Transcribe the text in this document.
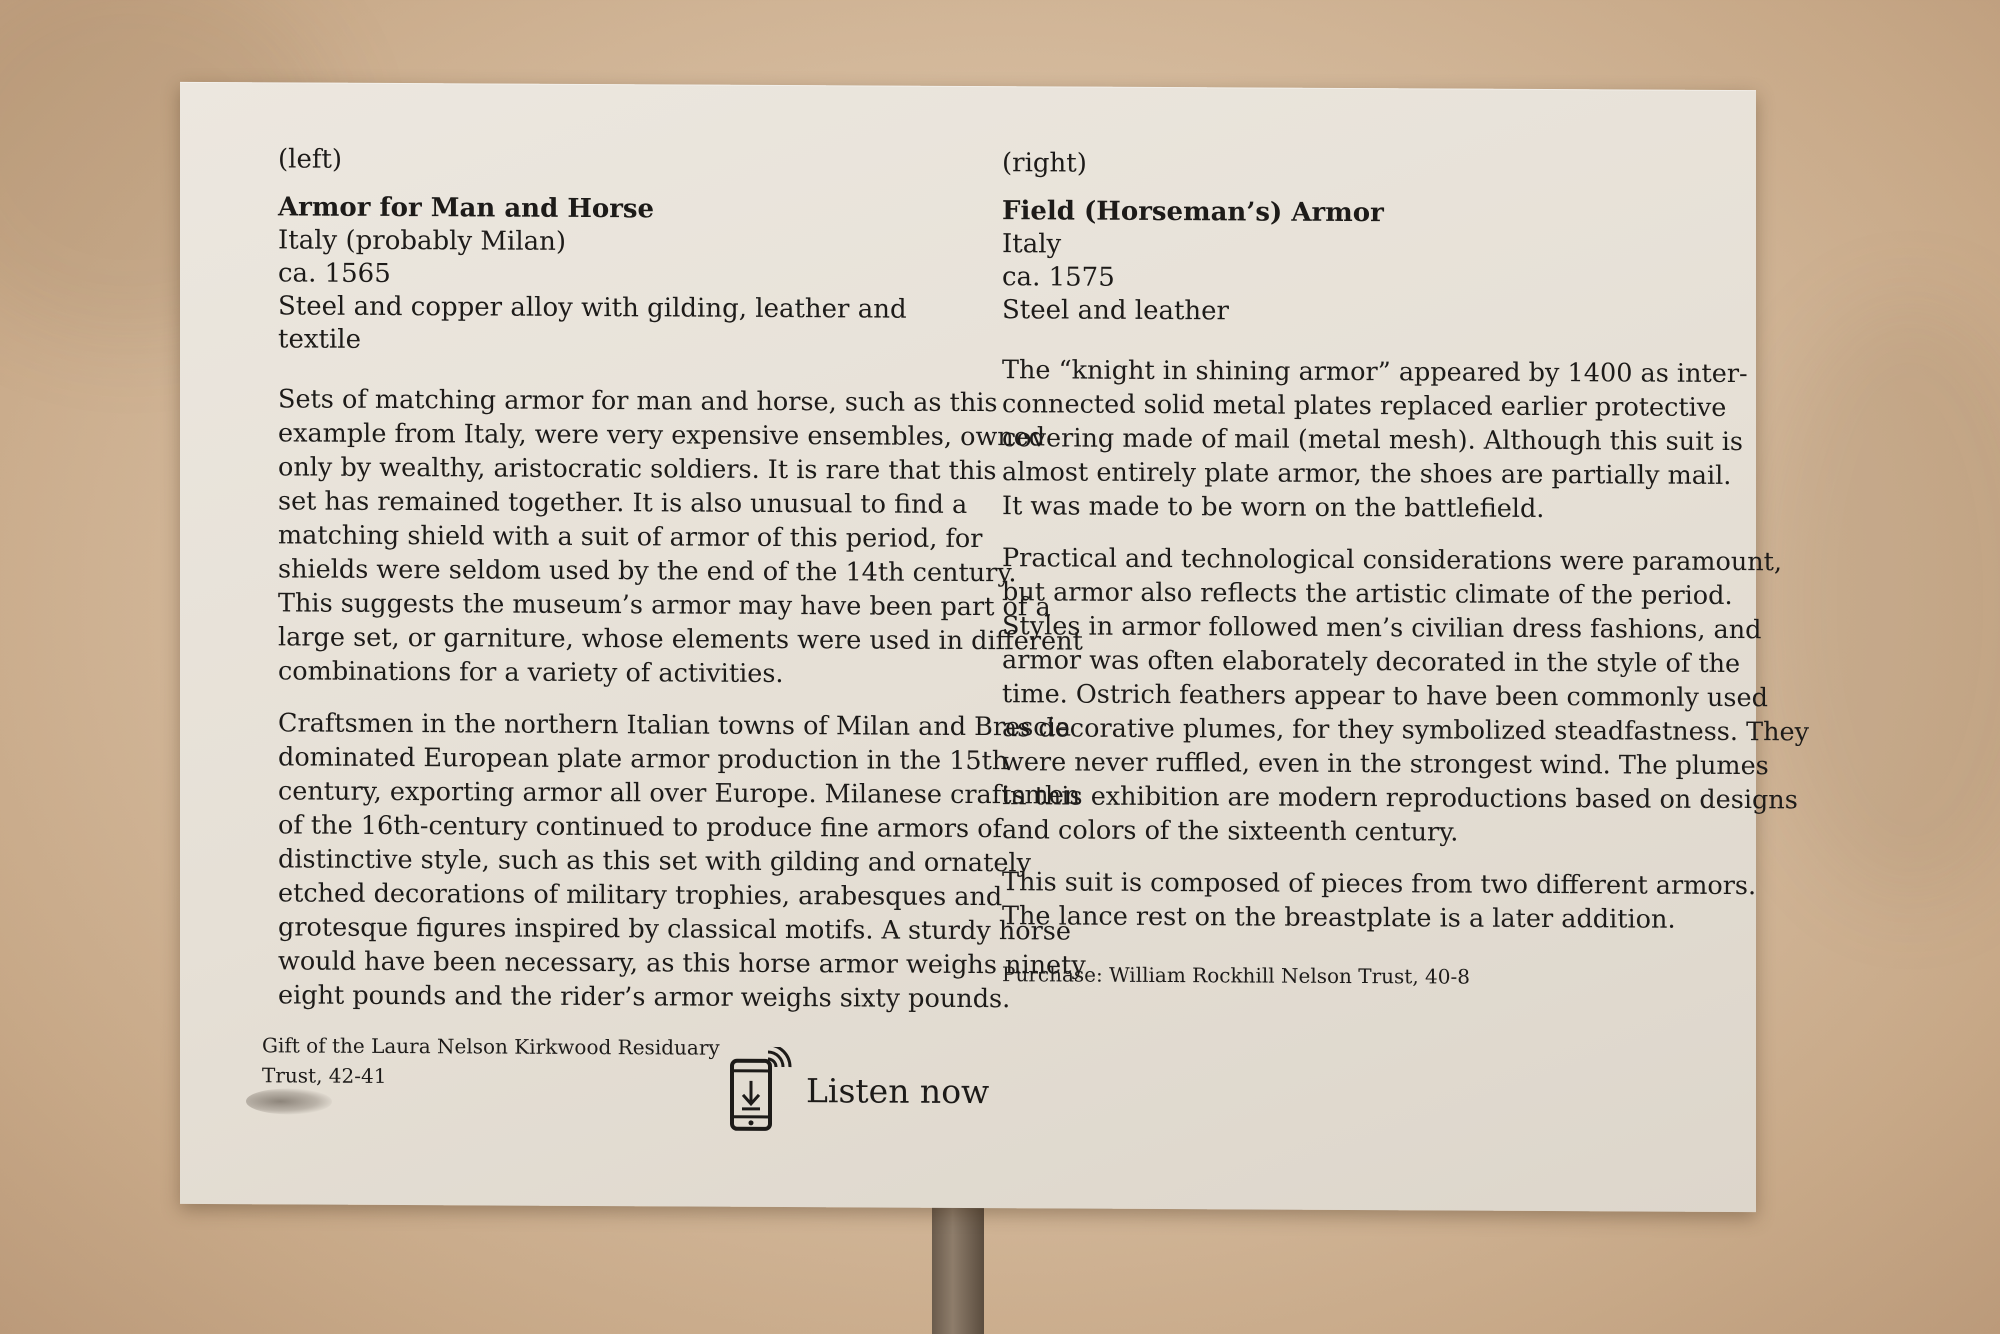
(left)

Armor for Man and Horse

Italy (probably Milan)

ca. 1565

Steel and copper alloy with gilding, leather and textile

Sets of matching armor for man and horse, such as this

example from Italy, were very expensive ensembles, owned

only by wealthy, aristocratic soldiers. It is rare that this

set has remained together. It is also unusual to find a

matching shield with a suit of armor of this period, for

shields were seldom used by the end of the 14th century.

This suggests the museum’s armor may have been part of a

large set, or garniture, whose elements were used in different

combinations for a variety of activities.

Craftsmen in the northern Italian towns of Milan and Brescia

dominated European plate armor production in the 15th

century, exporting armor all over Europe. Milanese craftsmen

of the 16th-century continued to produce fine armors of

distinctive style, such as this set with gilding and ornately

etched decorations of military trophies, arabesques and

grotesque figures inspired by classical motifs. A sturdy horse

would have been necessary, as this horse armor weighs ninety

eight pounds and the rider’s armor weighs sixty pounds.

Gift of the Laura Nelson Kirkwood Residuary

Trust, 42-41	Listen now

(right)

Field (Horseman’s) Armor

Italy

ca. 1575

Steel and leather

The “knight in shining armor” appeared by 1400 as inter-

connected solid metal plates replaced earlier protective

covering made of mail (metal mesh). Although this suit is

almost entirely plate armor, the shoes are partially mail.

It was made to be worn on the battlefield.

Practical and technological considerations were paramount,

but armor also reflects the artistic climate of the period.

Styles in armor followed men’s civilian dress fashions, and

armor was often elaborately decorated in the style of the

time. Ostrich feathers appear to have been commonly used

as decorative plumes, for they symbolized steadfastness. They

were never ruffled, even in the strongest wind. The plumes

in this exhibition are modern reproductions based on designs

and colors of the sixteenth century.

This suit is composed of pieces from two different armors.

The lance rest on the breastplate is a later addition.

Purchase: William Rockhill Nelson Trust, 40-8
